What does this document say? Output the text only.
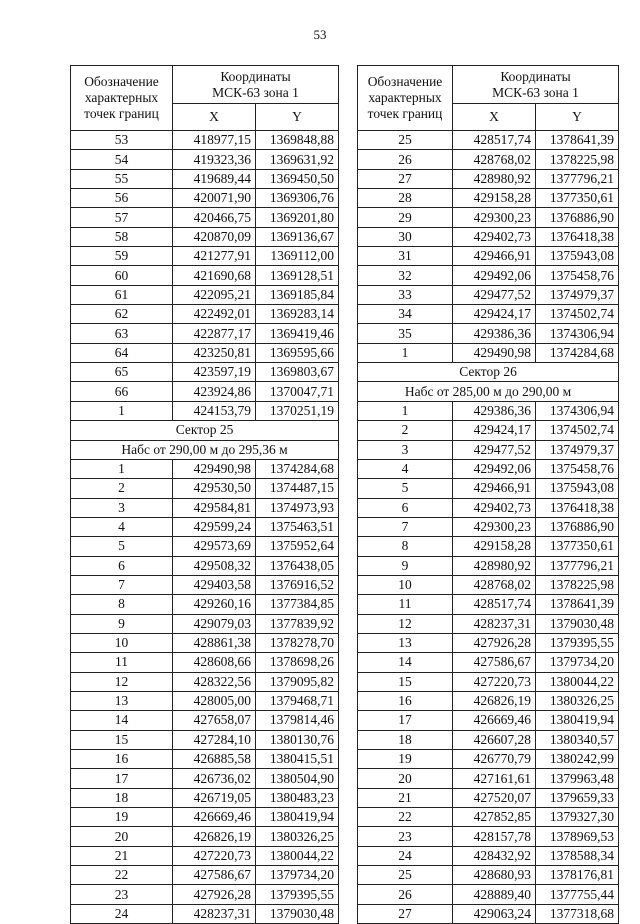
53
Обозначение характерных точек границ	Координаты
МСК-63 зона 1	

	X	Y
53	418977,15	1369848,88
54	419323,36	1369631,92
55	419689,44	1369450,50
56	420071,90	1369306,76
57	420466,75	1369201,80
58	420870,09	1369136,67
59	421277,91	1369112,00
60	421690,68	1369128,51
61	422095,21	1369185,84
62	422492,01	1369283,14
63	422877,17	1369419,46
64	423250,81	1369595,66
65	423597,19	1369803,67
66	423924,86	1370047,71
1	424153,79	1370251,19
Сектор 25		
Набс от 290,00 м до 295,36 м		
1	429490,98	1374284,68
2	429530,50	1374487,15
3	429584,81	1374973,93
4	429599,24	1375463,51
5	429573,69	1375952,64
6	429508,32	1376438,05
7	429403,58	1376916,52
8	429260,16	1377384,85
9	429079,03	1377839,92
10	428861,38	1378278,70
11	428608,66	1378698,26
12	428322,56	1379095,82
13	428005,00	1379468,71
14	427658,07	1379814,46
15	427284,10	1380130,76
16	426885,58	1380415,51
17	426736,02	1380504,90
18	426719,05	1380483,23
19	426669,46	1380419,94
20	426826,19	1380326,25
21	427220,73	1380044,22
22	427586,67	1379734,20
23	427926,28	1379395,55
24	428237,31	1379030,48
Обозначение характерных точек границ	Координаты
МСК-63 зона 1	

	X	Y
25	428517,74	1378641,39
26	428768,02	1378225,98
27	428980,92	1377796,21
28	429158,28	1377350,61
29	429300,23	1376886,90
30	429402,73	1376418,38
31	429466,91	1375943,08
32	429492,06	1375458,76
33	429477,52	1374979,37
34	429424,17	1374502,74
35	429386,36	1374306,94
1	429490,98	1374284,68
Сектор 26		
Набс от 285,00 м до 290,00 м		
1	429386,36	1374306,94
2	429424,17	1374502,74
3	429477,52	1374979,37
4	429492,06	1375458,76
5	429466,91	1375943,08
6	429402,73	1376418,38
7	429300,23	1376886,90
8	429158,28	1377350,61
9	428980,92	1377796,21
10	428768,02	1378225,98
11	428517,74	1378641,39
12	428237,31	1379030,48
13	427926,28	1379395,55
14	427586,67	1379734,20
15	427220,73	1380044,22
16	426826,19	1380326,25
17	426669,46	1380419,94
18	426607,28	1380340,57
19	426770,79	1380242,99
20	427161,61	1379963,48
21	427520,07	1379659,33
22	427852,85	1379327,30
23	428157,78	1378969,53
24	428432,92	1378588,34
25	428680,93	1378176,81
26	428889,40	1377755,44
27	429063,24	1377318,68
